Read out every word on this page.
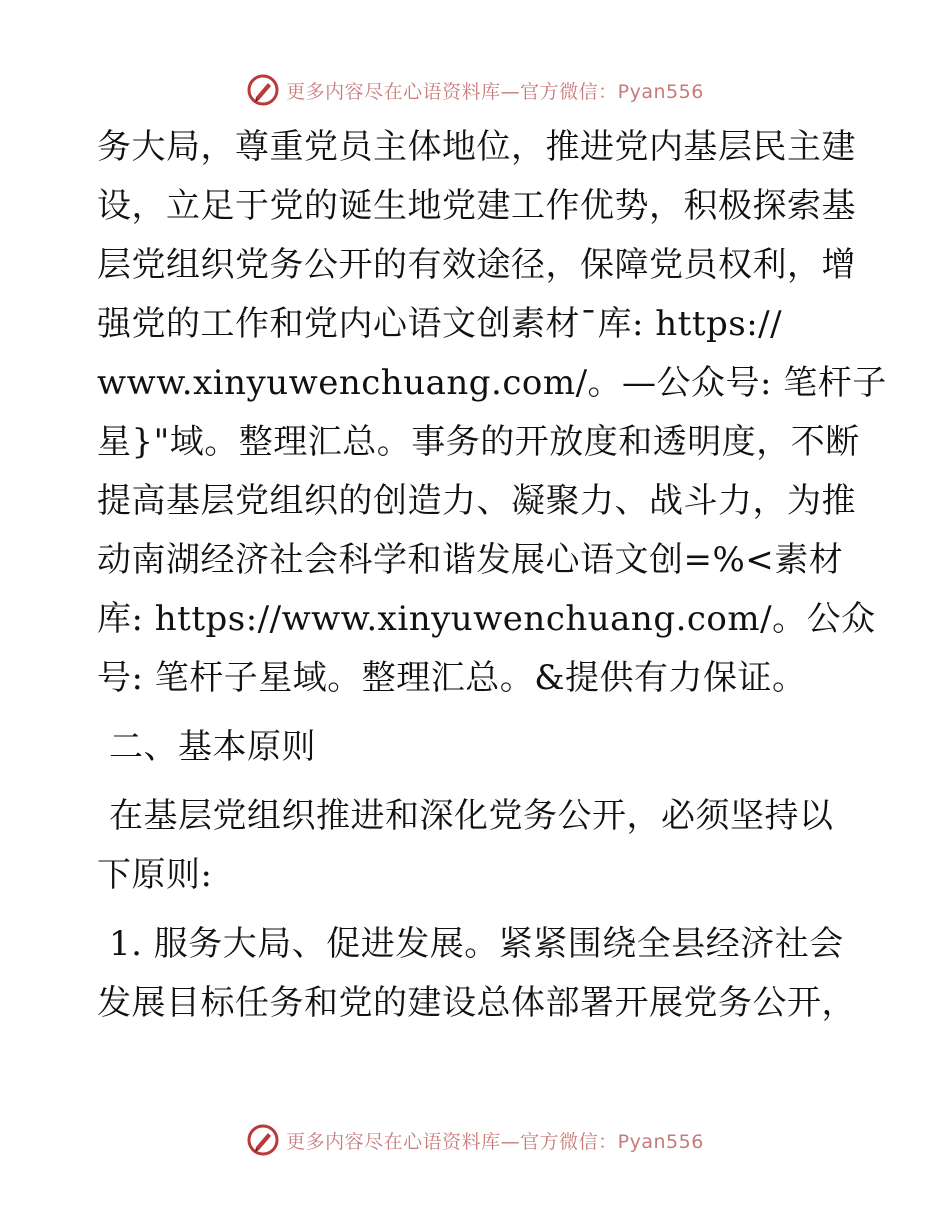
更多内容尽在心语资料库—官方微信：Pyan556
务大局，尊重党员主体地位，推进党内基层民主建
设，立足于党的诞生地党建工作优势，积极探索基
层党组织党务公开的有效途径，保障党员权利，增
强党的工作和党内心语文创素材¯库: https://
www.xinyuwenchuang.com/。—公众号: 笔杆子
星}"域。整理汇总。事务的开放度和透明度，不断
提高基层党组织的创造力、凝聚力、战斗力，为推
动南湖经济社会科学和谐发展心语文创=%<素材
库: https://www.xinyuwenchuang.com/。公众
号: 笔杆子星域。整理汇总。&提供有力保证。
二、基本原则
在基层党组织推进和深化党务公开，必须坚持以
下原则:
1. 服务大局、促进发展。紧紧围绕全县经济社会
发展目标任务和党的建设总体部署开展党务公开，
更多内容尽在心语资料库—官方微信：Pyan556
